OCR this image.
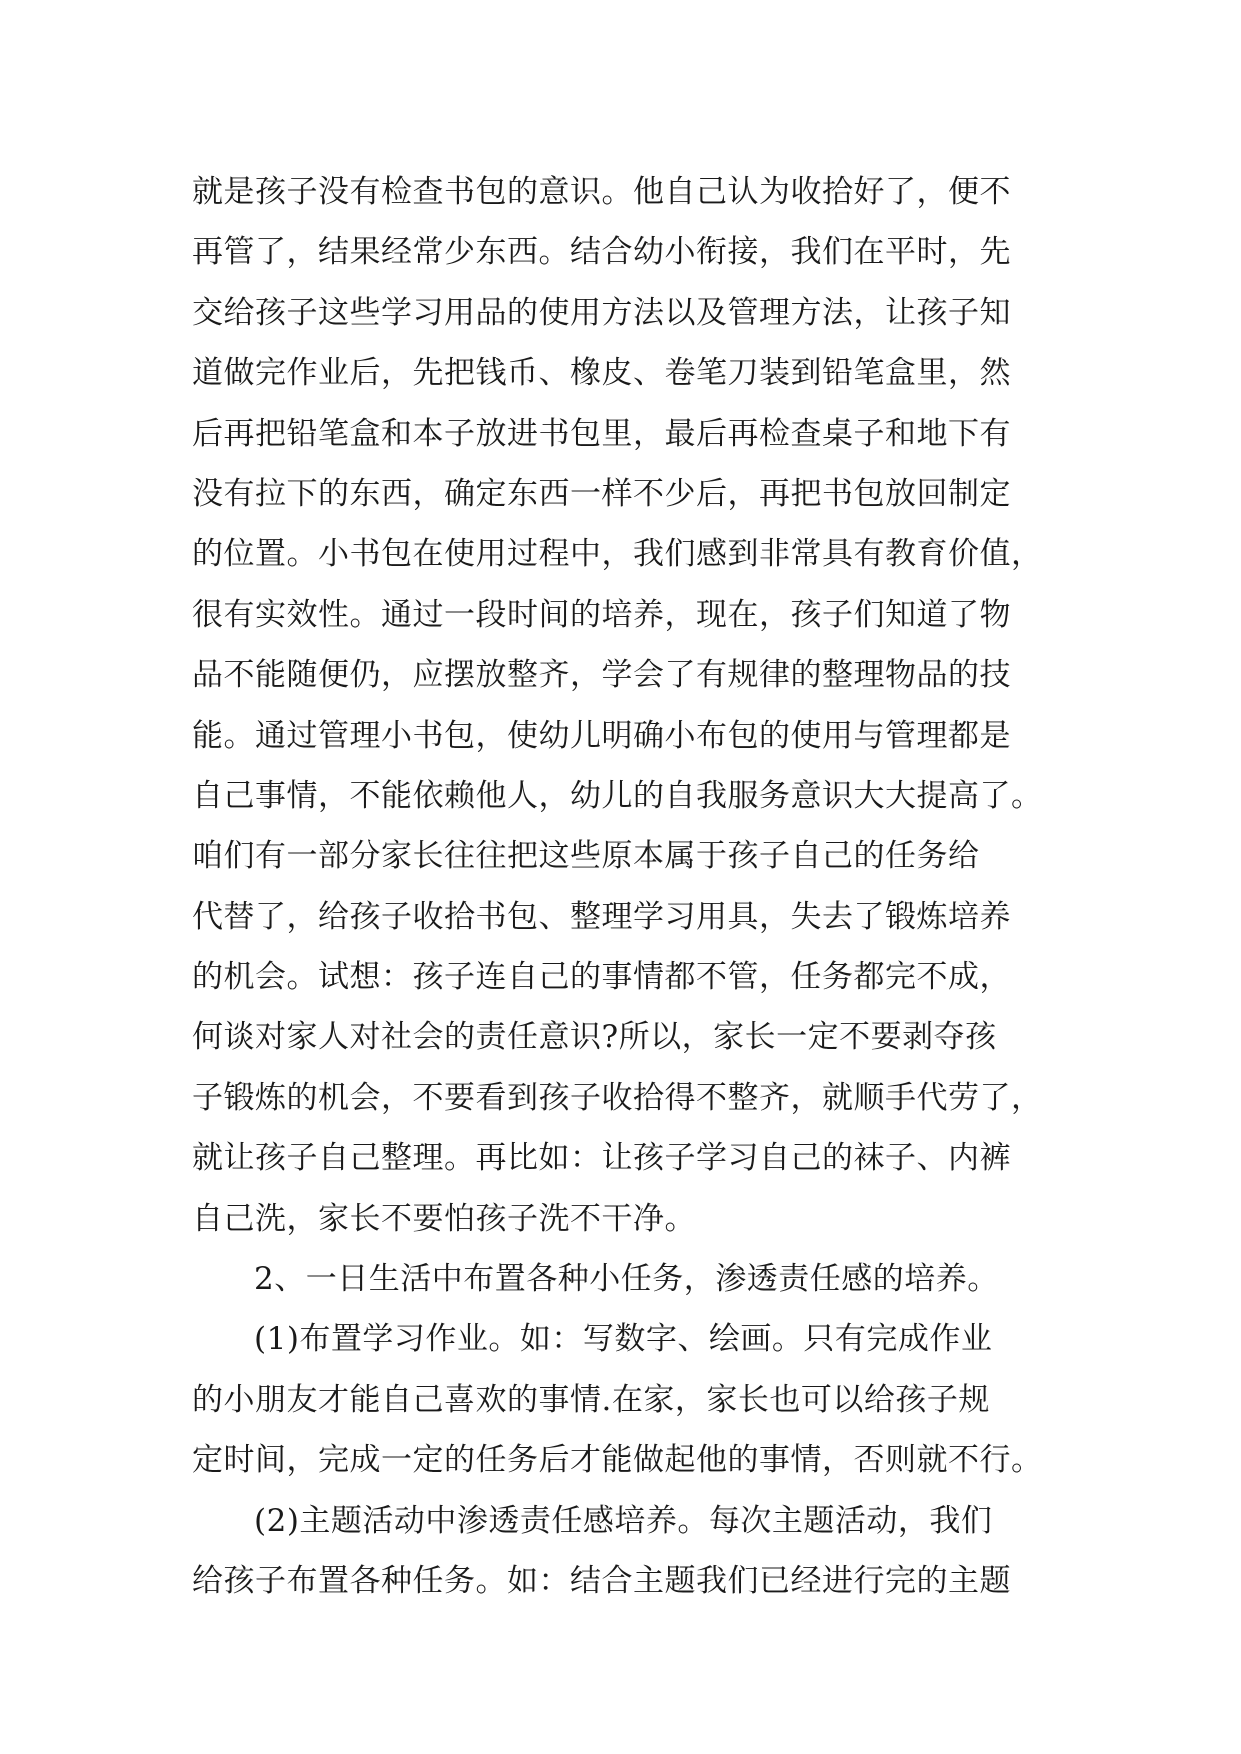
就是孩子没有检查书包的意识。他自己认为收拾好了，便不
再管了，结果经常少东西。结合幼小衔接，我们在平时，先
交给孩子这些学习用品的使用方法以及管理方法，让孩子知
道做完作业后，先把钱币、橡皮、卷笔刀装到铅笔盒里，然
后再把铅笔盒和本子放进书包里，最后再检查桌子和地下有
没有拉下的东西，确定东西一样不少后，再把书包放回制定
的位置。小书包在使用过程中，我们感到非常具有教育价值，
很有实效性。通过一段时间的培养，现在，孩子们知道了物
品不能随便仍，应摆放整齐，学会了有规律的整理物品的技
能。通过管理小书包，使幼儿明确小布包的使用与管理都是
自己事情，不能依赖他人，幼儿的自我服务意识大大提高了。
咱们有一部分家长往往把这些原本属于孩子自己的任务给
代替了，给孩子收拾书包、整理学习用具，失去了锻炼培养
的机会。试想：孩子连自己的事情都不管，任务都完不成，
何谈对家人对社会的责任意识?所以，家长一定不要剥夺孩
子锻炼的机会，不要看到孩子收拾得不整齐，就顺手代劳了，
就让孩子自己整理。再比如：让孩子学习自己的袜子、内裤
自己洗，家长不要怕孩子洗不干净。
2、一日生活中布置各种小任务，渗透责任感的培养。
(1)布置学习作业。如：写数字、绘画。只有完成作业
的小朋友才能自己喜欢的事情.在家，家长也可以给孩子规
定时间，完成一定的任务后才能做起他的事情，否则就不行。
(2)主题活动中渗透责任感培养。每次主题活动，我们
给孩子布置各种任务。如：结合主题我们已经进行完的主题
